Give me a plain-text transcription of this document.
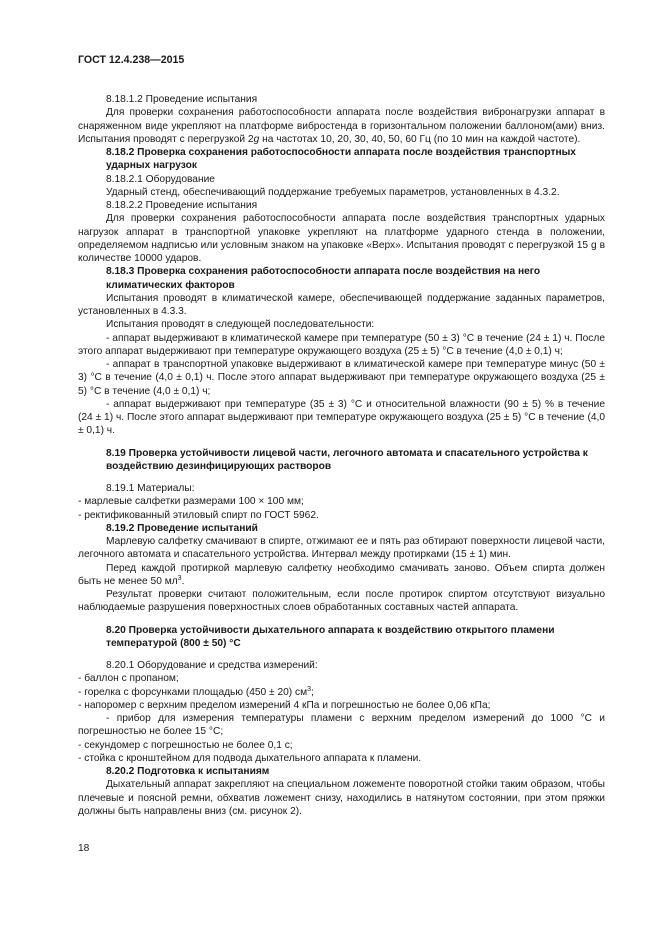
ГОСТ 12.4.238—2015

8.18.1.2 Проведение испытания

Для проверки сохранения работоспособности аппарата после воздействия вибронагрузки аппарат в снаряженном виде укрепляют на платформе вибростенда в горизонтальном положении баллоном(ами) вниз. Испытания проводят с перегрузкой 2g на частотах 10, 20, 30, 40, 50, 60 Гц (по 10 мин на каждой частоте).

8.18.2 Проверка сохранения работоспособности аппарата после воздействия транспортных ударных нагрузок

8.18.2.1 Оборудование

Ударный стенд, обеспечивающий поддержание требуемых параметров, установленных в 4.3.2.

8.18.2.2 Проведение испытания

Для проверки сохранения работоспособности аппарата после воздействия транспортных ударных нагрузок аппарат в транспортной упаковке укрепляют на платформе ударного стенда в положении, определяемом надписью или условным знаком на упаковке «Верх». Испытания проводят с перегрузкой 15 g в количестве 10000 ударов.

8.18.3 Проверка сохранения работоспособности аппарата после воздействия на него климатических факторов

Испытания проводят в климатической камере, обеспечивающей поддержание заданных параметров, установленных в 4.3.3.

Испытания проводят в следующей последовательности:

- аппарат выдерживают в климатической камере при температуре (50 ± 3) °С в течение (24 ± 1) ч. После этого аппарат выдерживают при температуре окружающего воздуха (25 ± 5) °С в течение (4,0 ± 0,1) ч;

- аппарат в транспортной упаковке выдерживают в климатической камере при температуре минус (50 ± 3) °С в течение (4,0 ± 0,1) ч. После этого аппарат выдерживают при температуре окружающего воздуха (25 ± 5) °С в течение (4,0 ± 0,1) ч;

- аппарат выдерживают при температуре (35 ± 3) °С и относительной влажности (90 ± 5) % в течение (24 ± 1) ч. После этого аппарат выдерживают при температуре окружающего воздуха (25 ± 5) °С в течение (4,0 ± 0,1) ч.

8.19 Проверка устойчивости лицевой части, легочного автомата и спасательного устройства к воздействию дезинфицирующих растворов

8.19.1 Материалы:

- марлевые салфетки размерами 100 × 100 мм;

- ректификованный этиловый спирт по ГОСТ 5962.

8.19.2 Проведение испытаний

Марлевую салфетку смачивают в спирте, отжимают ее и пять раз обтирают поверхности лицевой части, легочного автомата и спасательного устройства. Интервал между протирками (15 ± 1) мин.

Перед каждой протиркой марлевую салфетку необходимо смачивать заново. Объем спирта должен быть не менее 50 $мл^3$.

Результат проверки считают положительным, если после протирок спиртом отсутствуют визуально наблюдаемые разрушения поверхностных слоев обработанных составных частей аппарата.

8.20 Проверка устойчивости дыхательного аппарата к воздействию открытого пламени температурой (800 ± 50) °С

8.20.1 Оборудование и средства измерений:

- баллон с пропаном;

- горелка с форсунками площадью (450 ± 20) $см^3$;

- напоромер с верхним пределом измерений 4 кПа и погрешностью не более 0,06 кПа;

- прибор для измерения температуры пламени с верхним пределом измерений до 1000 °С и погрешностью не более 15 °С;

- секундомер с погрешностью не более 0,1 с;

- стойка с кронштейном для подвода дыхательного аппарата к пламени.

8.20.2 Подготовка к испытаниям

Дыхательный аппарат закрепляют на специальном ложементе поворотной стойки таким образом, чтобы плечевые и поясной ремни, обхватив ложемент снизу, находились в натянутом состоянии, при этом пряжки должны быть направлены вниз (см. рисунок 2).

18
